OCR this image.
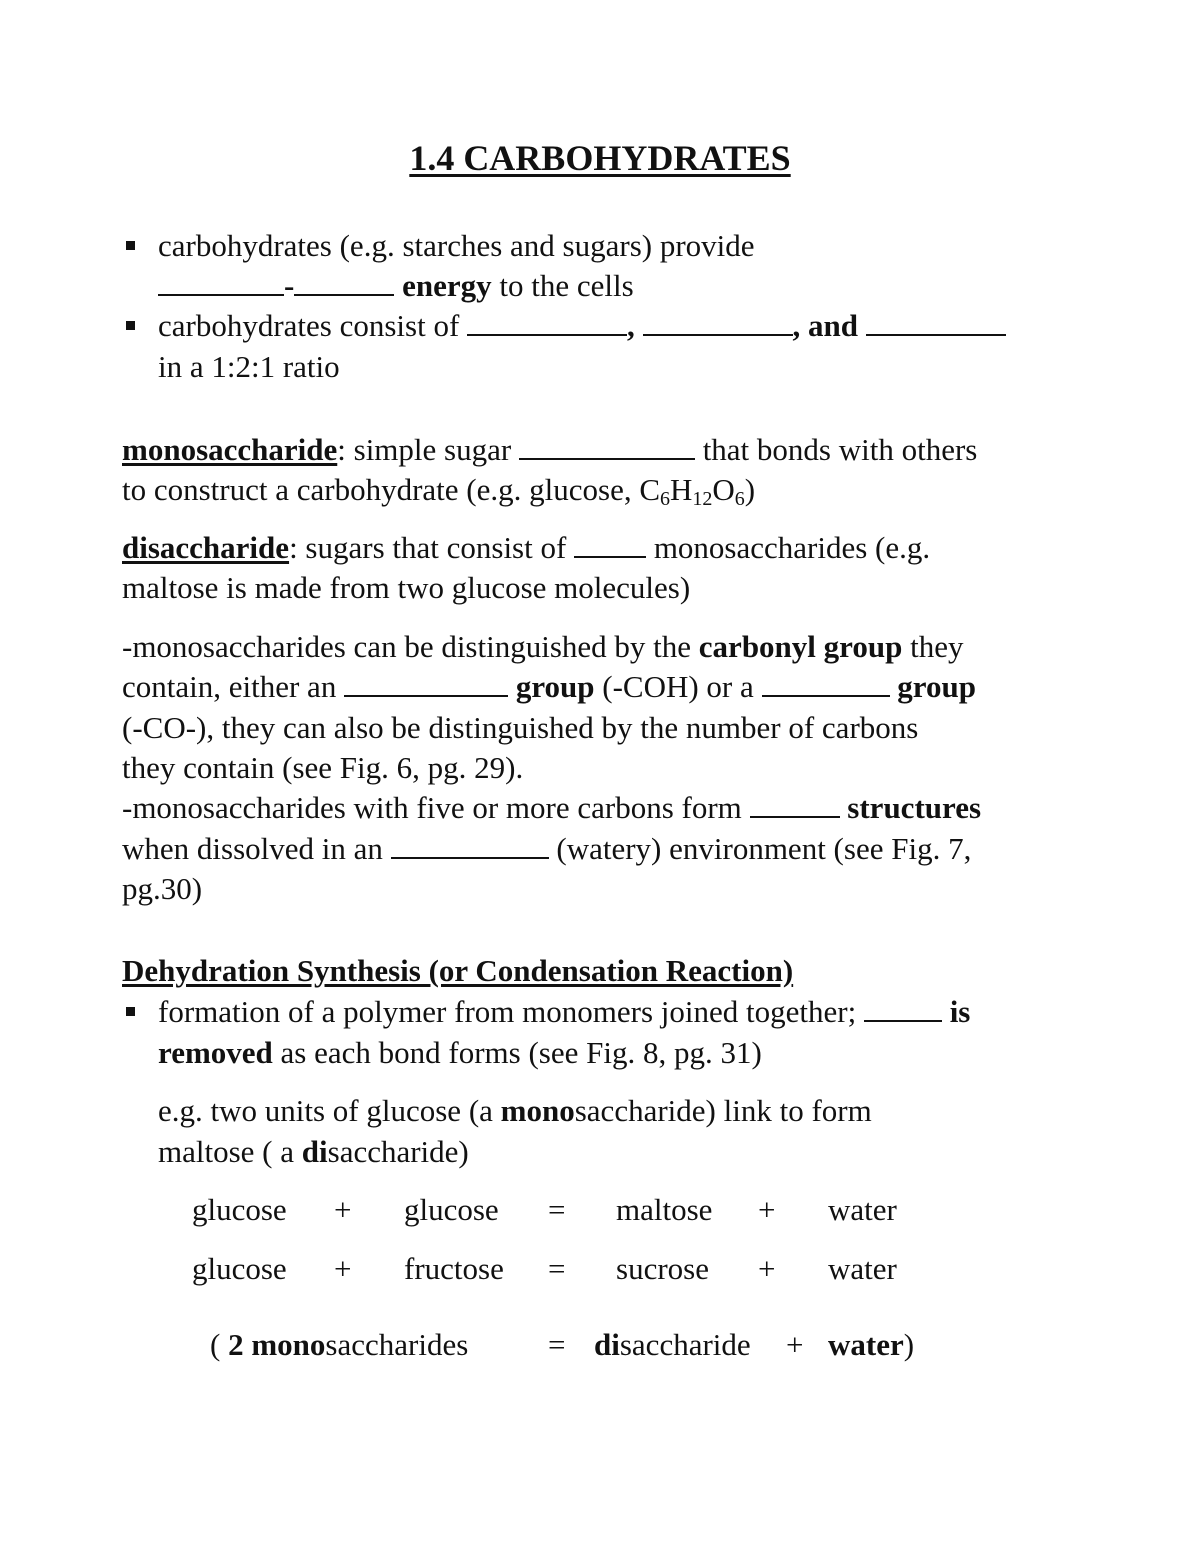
1.4 CARBOHYDRATES
carbohydrates (e.g. starches and sugars) provide
-	energy to the cells
carbohydrates consist of	,	, and
in a 1:2:1 ratio
monosaccharide: simple sugar	that bonds with others
to construct a carbohydrate (e.g. glucose, $C_6H_{12}O_6$)
disaccharide: sugars that consist of  monosaccharides (e.g.
maltose is made from two glucose molecules)
-monosaccharides can be distinguished by the carbonyl group they
contain, either an	group (-COH) or a	group
(-CO-), they can also be distinguished by the number of carbons
they contain (see Fig. 6, pg. 29).
-monosaccharides with five or more carbons form	structures
when dissolved in an	(watery) environment (see Fig. 7,
pg.30)
Dehydration Synthesis (or Condensation Reaction)
formation of a polymer from monomers joined together;	is
removed as each bond forms (see Fig. 8, pg. 31)
e.g. two units of glucose (a monosaccharide) link to form
maltose ( a disaccharide)
glucose + glucose = maltose + water
glucose + fructose = sucrose + water
( 2 monosaccharides	= disaccharide + water)
